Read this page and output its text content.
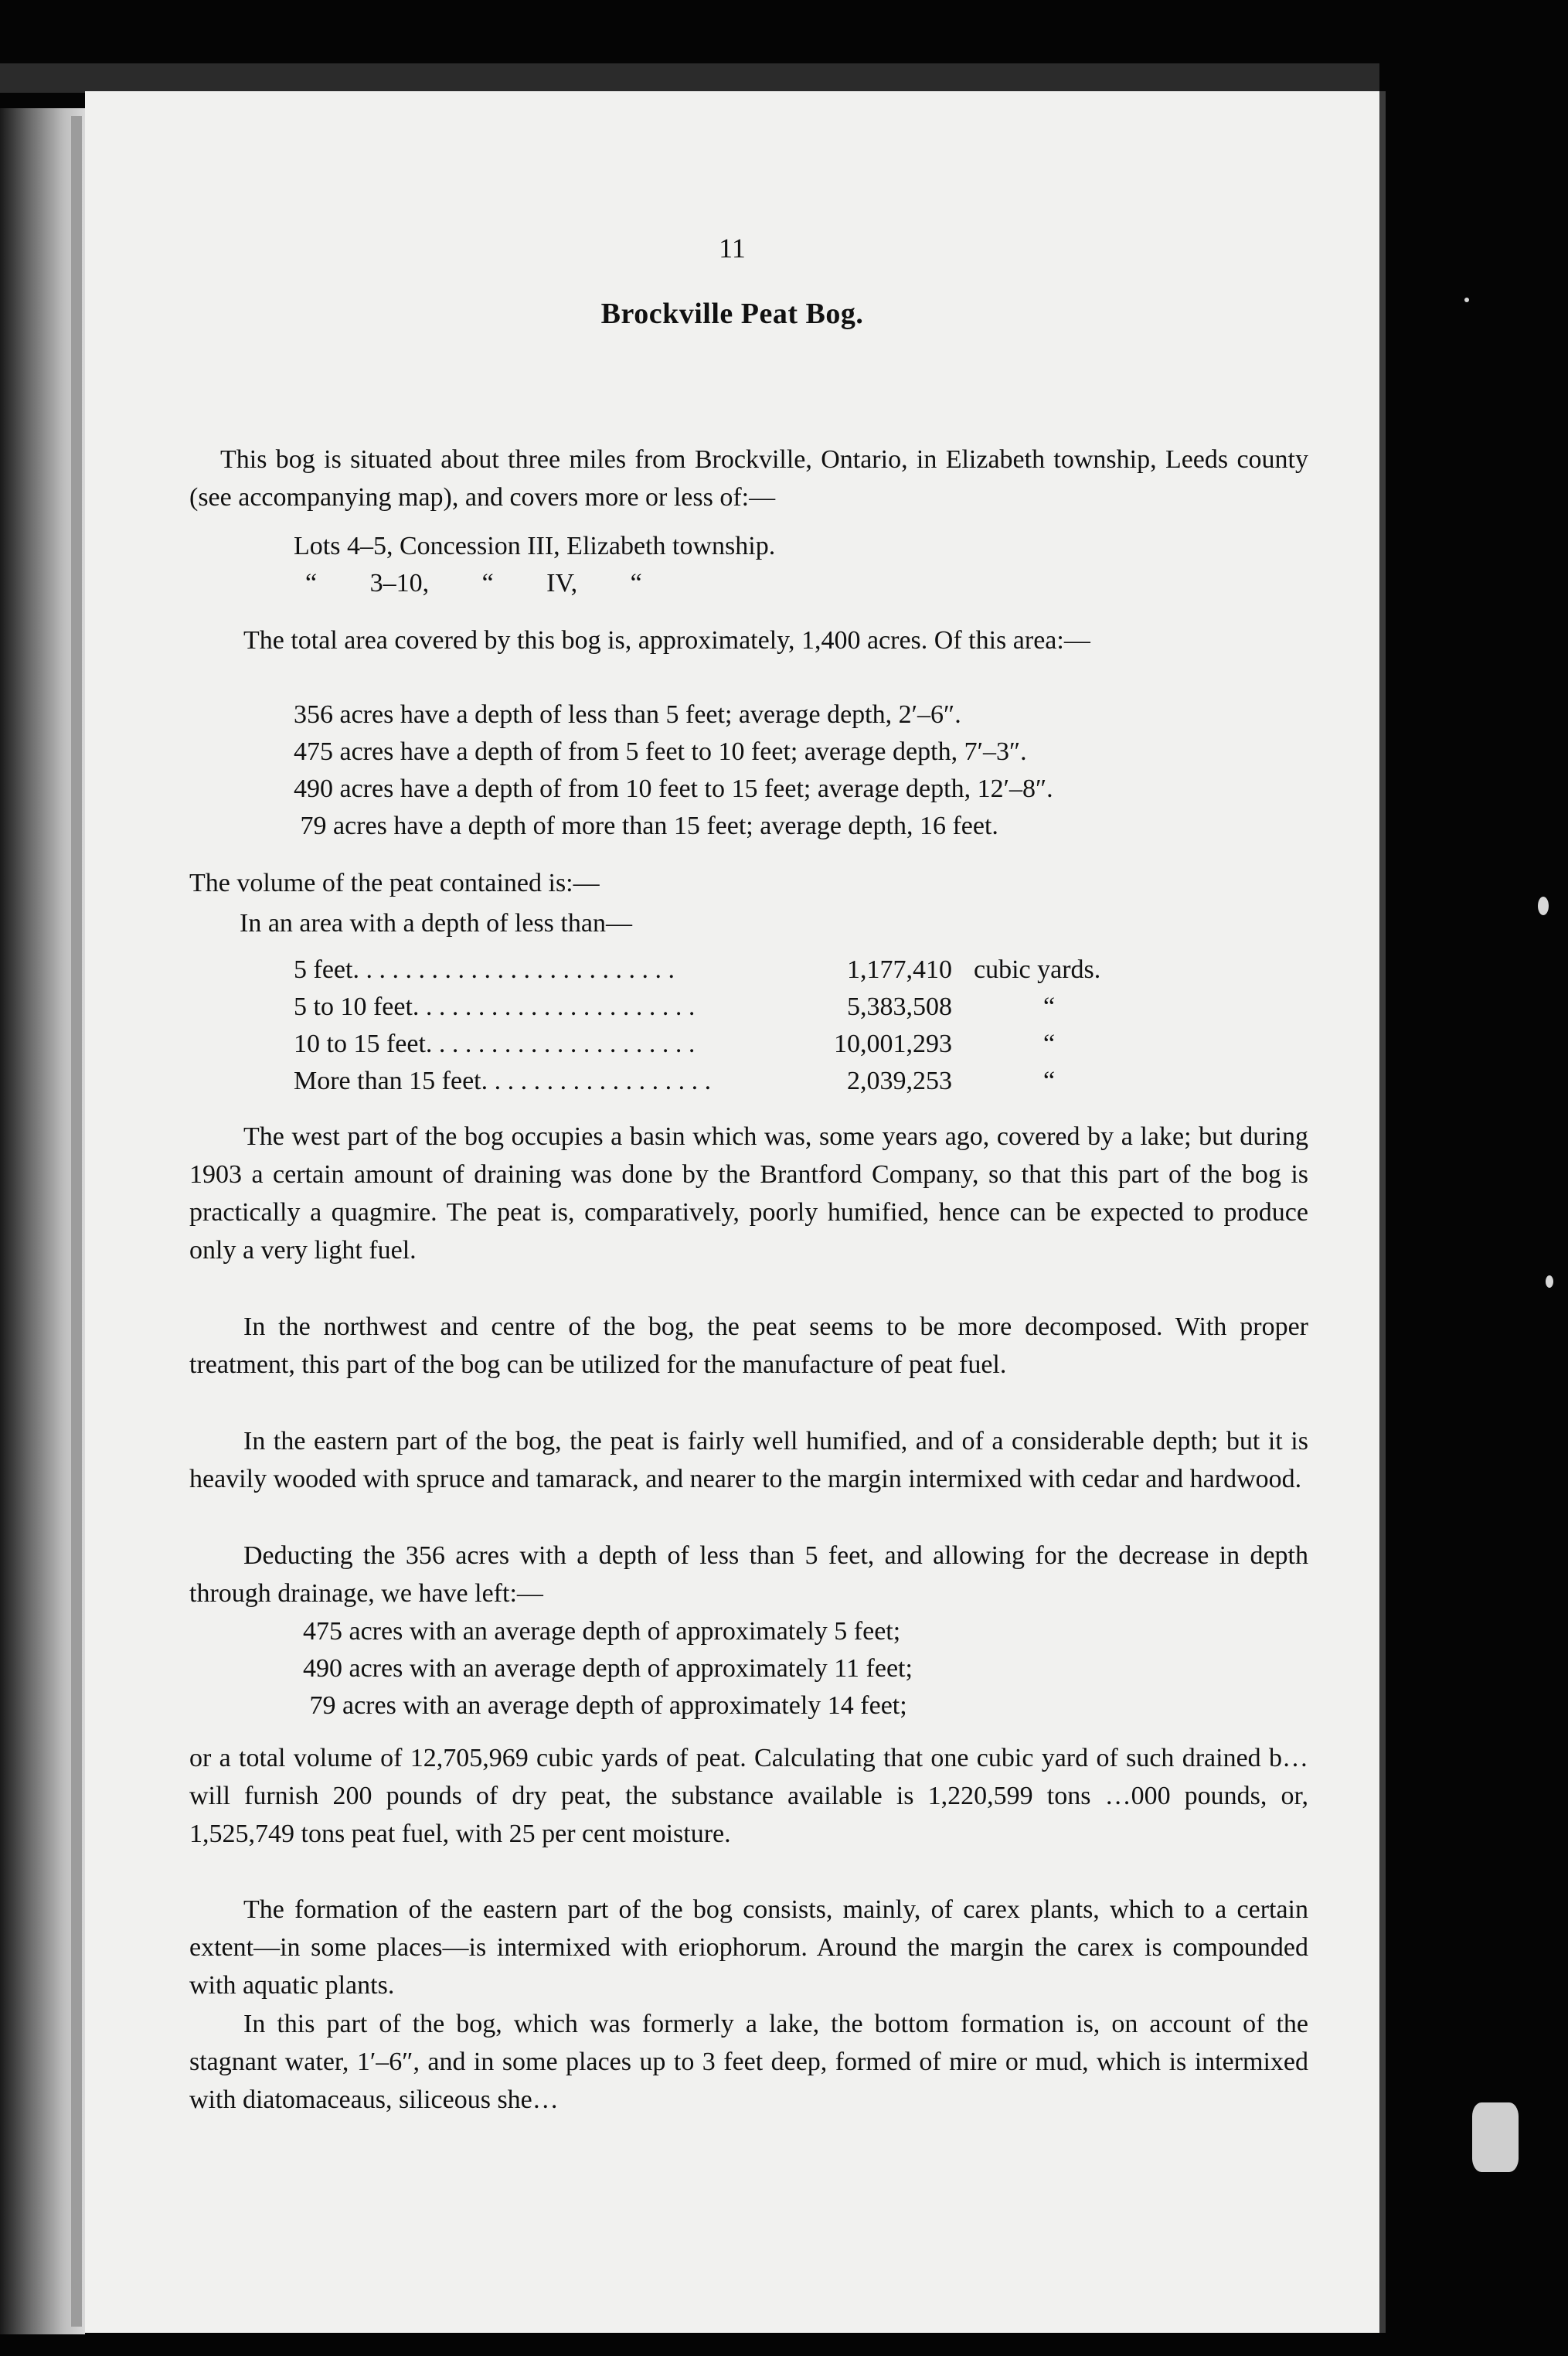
11
Brockville Peat Bog.

This bog is situated about three miles from Brockville, Ontario, in Elizabeth township, Leeds county (see accompanying map), and covers more or less of:—

Lots 4–5, Concession III, Elizabeth township.
“ 3–10, “ IV, “

The total area covered by this bog is, approximately, 1,400 acres. Of this area:—

356 acres have a depth of less than 5 feet; average depth, 2′–6″.
475 acres have a depth of from 5 feet to 10 feet; average depth, 7′–3″.
490 acres have a depth of from 10 feet to 15 feet; average depth, 12′–8″.
79 acres have a depth of more than 15 feet; average depth, 16 feet.
The volume of the peat contained is:—
In an area with a depth of less than—
5 feet. . . . . . . . . . . . . . . . . . . . . . . . .	1,177,410 cubic yards.
5 to 10 feet. . . . . . . . . . . . . . . . . . . . . .	5,383,508	“
10 to 15 feet. . . . . . . . . . . . . . . . . . . . .	10,001,293	“
More than 15 feet. . . . . . . . . . . . . . . . . .	2,039,253	“

The west part of the bog occupies a basin which was, some years ago, covered by a lake; but during 1903 a certain amount of draining was done by the Brantford Company, so that this part of the bog is practically a quagmire. The peat is, comparatively, poorly humified, hence can be expected to produce only a very light fuel.

In the northwest and centre of the bog, the peat seems to be more decomposed. With proper treatment, this part of the bog can be utilized for the manufacture of peat fuel.

In the eastern part of the bog, the peat is fairly well humified, and of a considerable depth; but it is heavily wooded with spruce and tamarack, and nearer to the margin intermixed with cedar and hardwood.

Deducting the 356 acres with a depth of less than 5 feet, and allowing for the decrease in depth through drainage, we have left:—

475 acres with an average depth of approximately 5 feet;
490 acres with an average depth of approximately 11 feet;
79 acres with an average depth of approximately 14 feet;

or a total volume of 12,705,969 cubic yards of peat. Calculating that one cubic yard of such drained b… will furnish 200 pounds of dry peat, the substance available is 1,220,599 tons …000 pounds, or, 1,525,749 tons peat fuel, with 25 per cent moisture.

The formation of the eastern part of the bog consists, mainly, of carex plants, which to a certain extent—in some places—is intermixed with eriophorum. Around the margin the carex is compounded with aquatic plants.

In this part of the bog, which was formerly a lake, the bottom formation is, on account of the stagnant water, 1′–6″, and in some places up to 3 feet deep, formed of mire or mud, which is intermixed with diatomaceaus, siliceous she…
